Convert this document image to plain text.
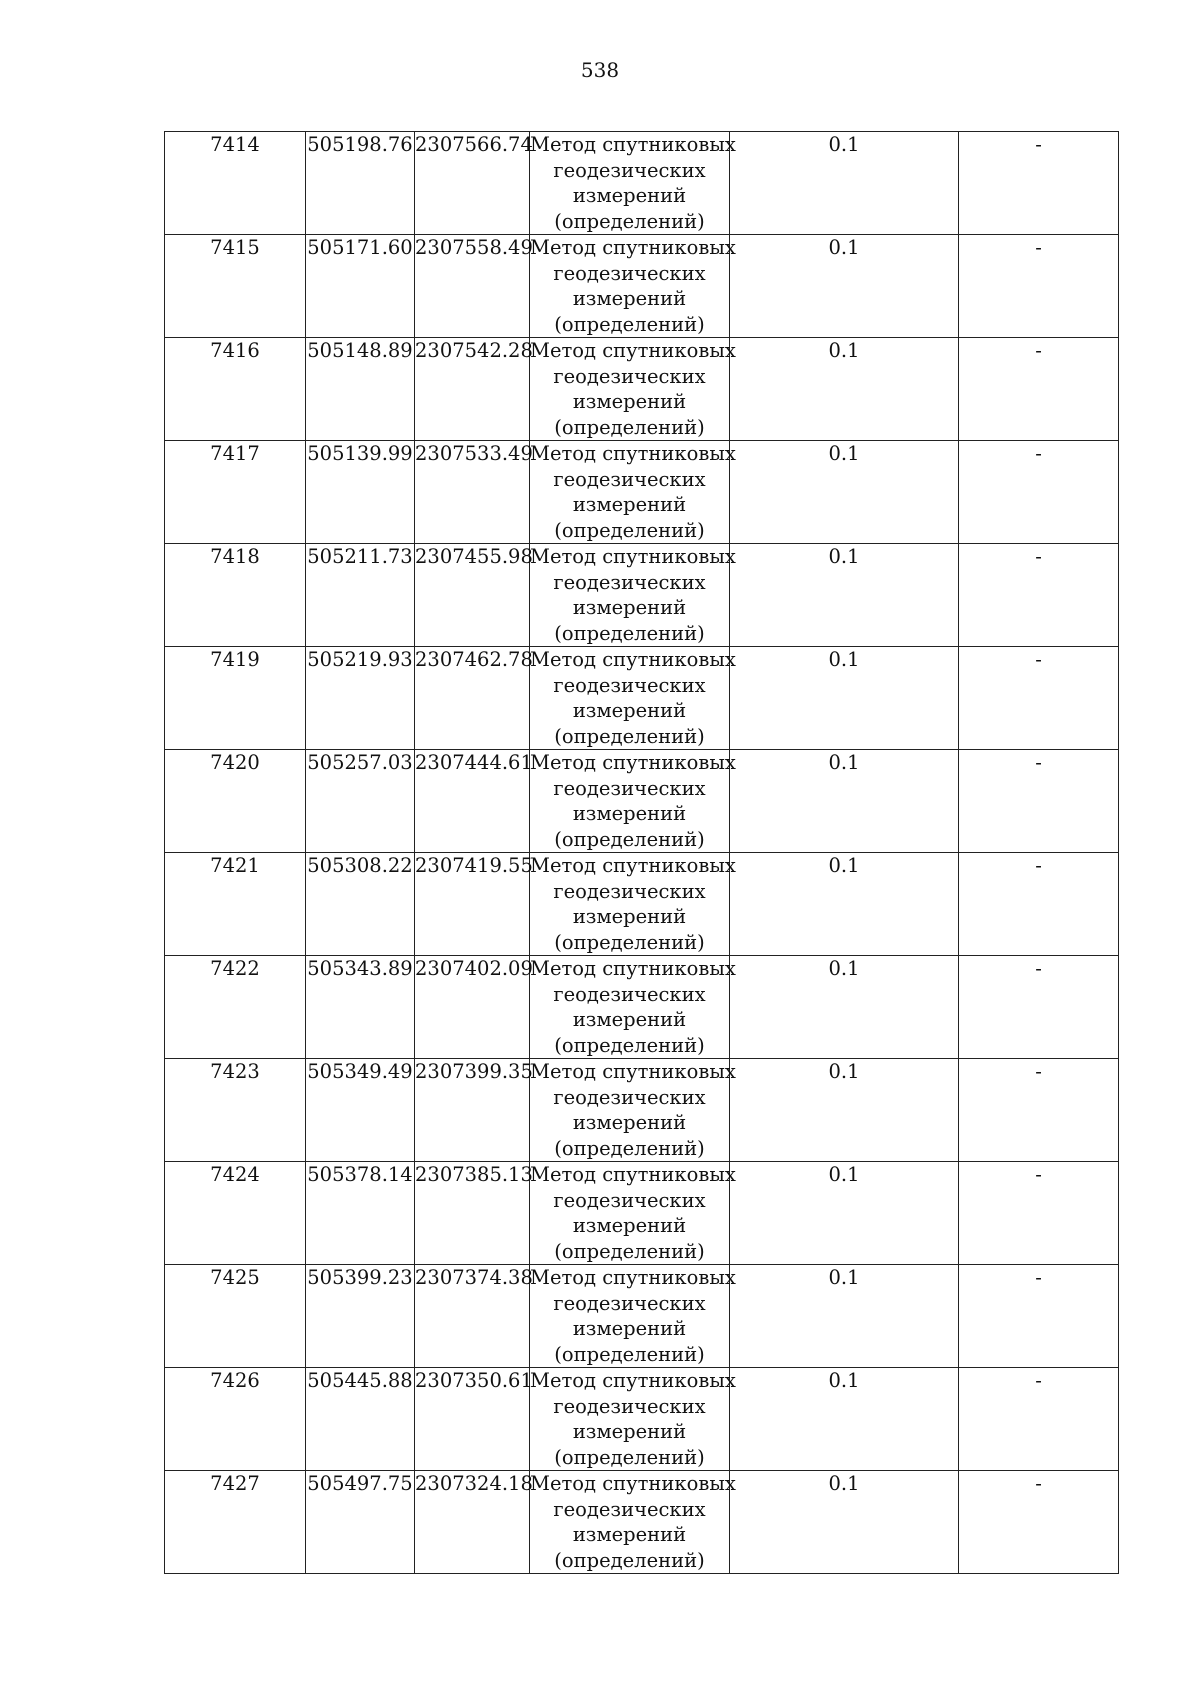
538
7414	505198.76	2307566.74	Метод спутниковых
геодезических
измерений
(определений)	0.1	-
7415	505171.60	2307558.49	Метод спутниковых
геодезических
измерений
(определений)	0.1	-
7416	505148.89	2307542.28	Метод спутниковых
геодезических
измерений
(определений)	0.1	-
7417	505139.99	2307533.49	Метод спутниковых
геодезических
измерений
(определений)	0.1	-
7418	505211.73	2307455.98	Метод спутниковых
геодезических
измерений
(определений)	0.1	-
7419	505219.93	2307462.78	Метод спутниковых
геодезических
измерений
(определений)	0.1	-
7420	505257.03	2307444.61	Метод спутниковых
геодезических
измерений
(определений)	0.1	-
7421	505308.22	2307419.55	Метод спутниковых
геодезических
измерений
(определений)	0.1	-
7422	505343.89	2307402.09	Метод спутниковых
геодезических
измерений
(определений)	0.1	-
7423	505349.49	2307399.35	Метод спутниковых
геодезических
измерений
(определений)	0.1	-
7424	505378.14	2307385.13	Метод спутниковых
геодезических
измерений
(определений)	0.1	-
7425	505399.23	2307374.38	Метод спутниковых
геодезических
измерений
(определений)	0.1	-
7426	505445.88	2307350.61	Метод спутниковых
геодезических
измерений
(определений)	0.1	-
7427	505497.75	2307324.18	Метод спутниковых
геодезических
измерений
(определений)	0.1	-
